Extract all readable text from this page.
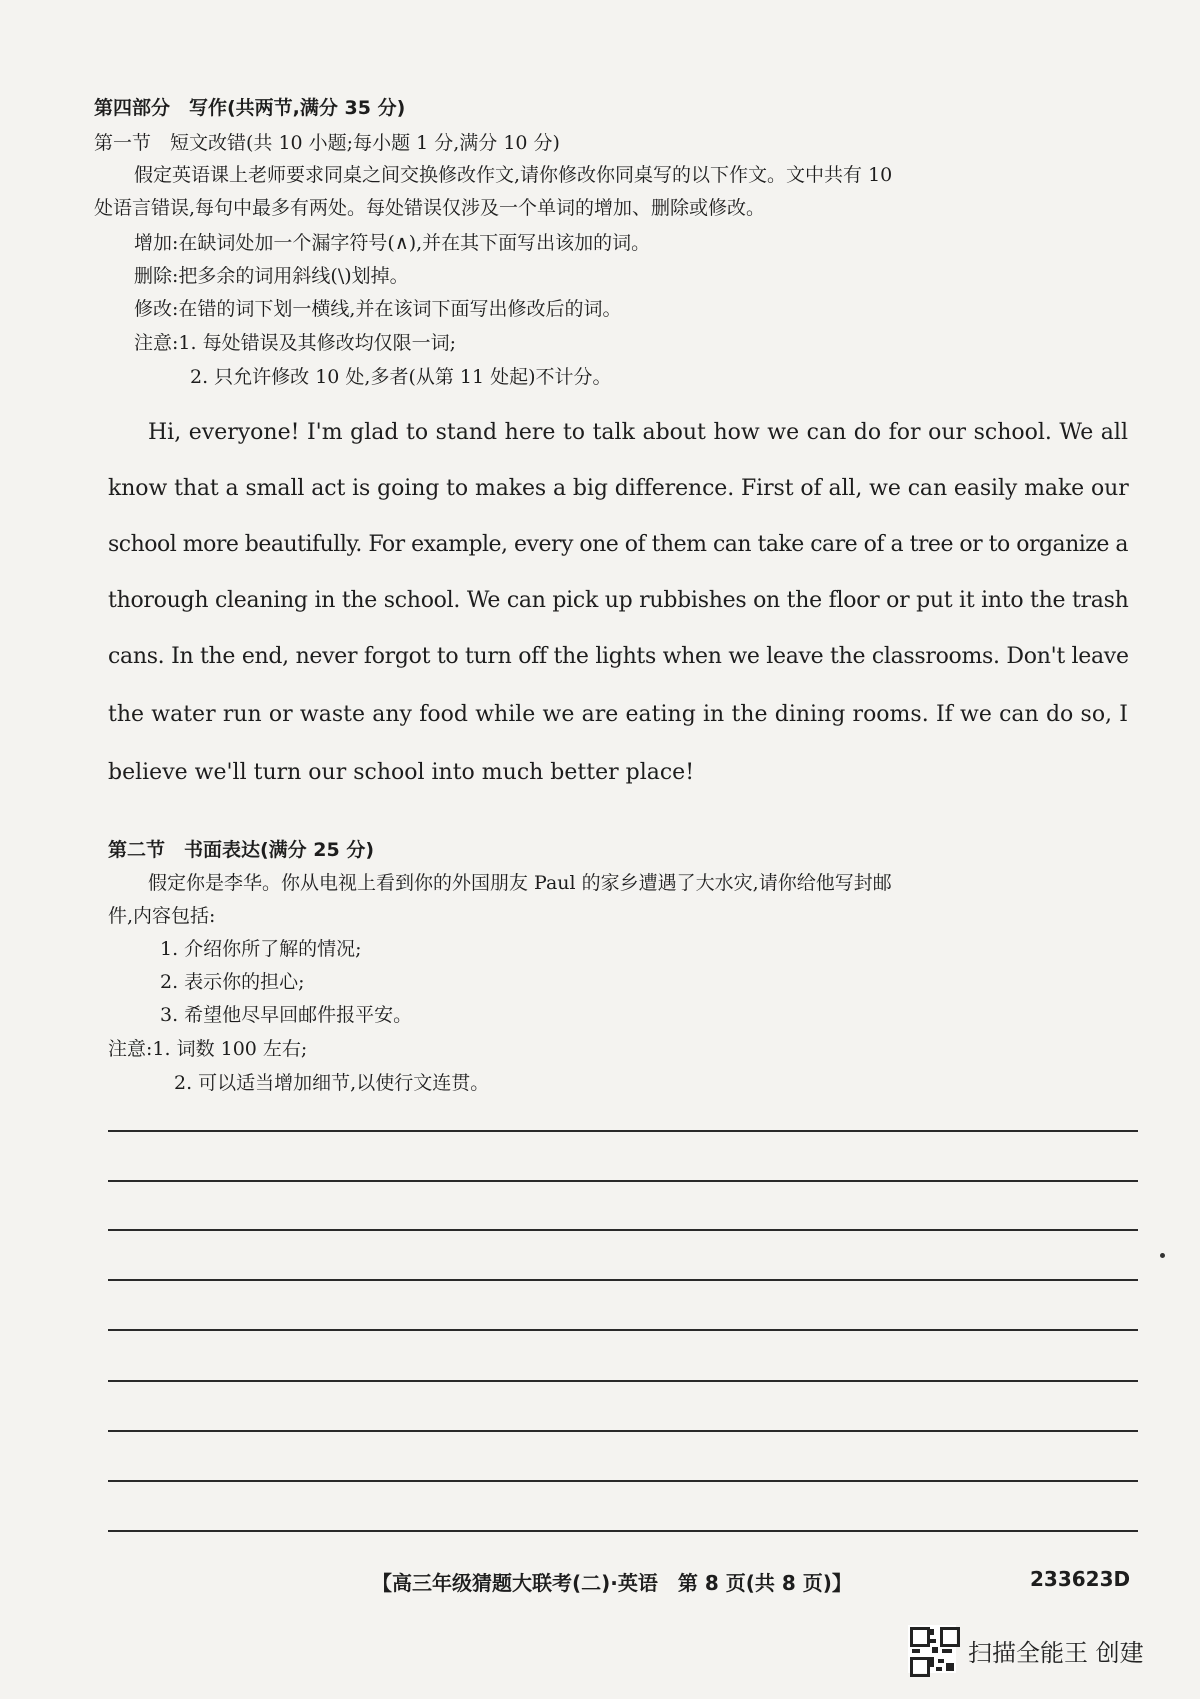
第四部分　写作(共两节,满分 35 分)
第一节　短文改错(共 10 小题;每小题 1 分,满分 10 分)
假定英语课上老师要求同桌之间交换修改作文,请你修改你同桌写的以下作文。文中共有 10
处语言错误,每句中最多有两处。每处错误仅涉及一个单词的增加、删除或修改。
增加:在缺词处加一个漏字符号(∧),并在其下面写出该加的词。
删除:把多余的词用斜线(\)划掉。
修改:在错的词下划一横线,并在该词下面写出修改后的词。
注意:1. 每处错误及其修改均仅限一词;
2. 只允许修改 10 处,多者(从第 11 处起)不计分。
Hi, everyone! I'm glad to stand here to talk about how we can do for our school. We all
know that a small act is going to makes a big difference. First of all, we can easily make our
school more beautifully. For example, every one of them can take care of a tree or to organize a
thorough cleaning in the school. We can pick up rubbishes on the floor or put it into the trash
cans. In the end, never forgot to turn off the lights when we leave the classrooms. Don't leave
the water run or waste any food while we are eating in the dining rooms. If we can do so, I
believe we'll turn our school into much better place!
第二节　书面表达(满分 25 分)
假定你是李华。你从电视上看到你的外国朋友 Paul 的家乡遭遇了大水灾,请你给他写封邮
件,内容包括:
1. 介绍你所了解的情况;
2. 表示你的担心;
3. 希望他尽早回邮件报平安。
注意:1. 词数 100 左右;
2. 可以适当增加细节,以使行文连贯。
【高三年级猜题大联考(二)·英语　第 8 页(共 8 页)】	233623D
扫描全能王 创建
